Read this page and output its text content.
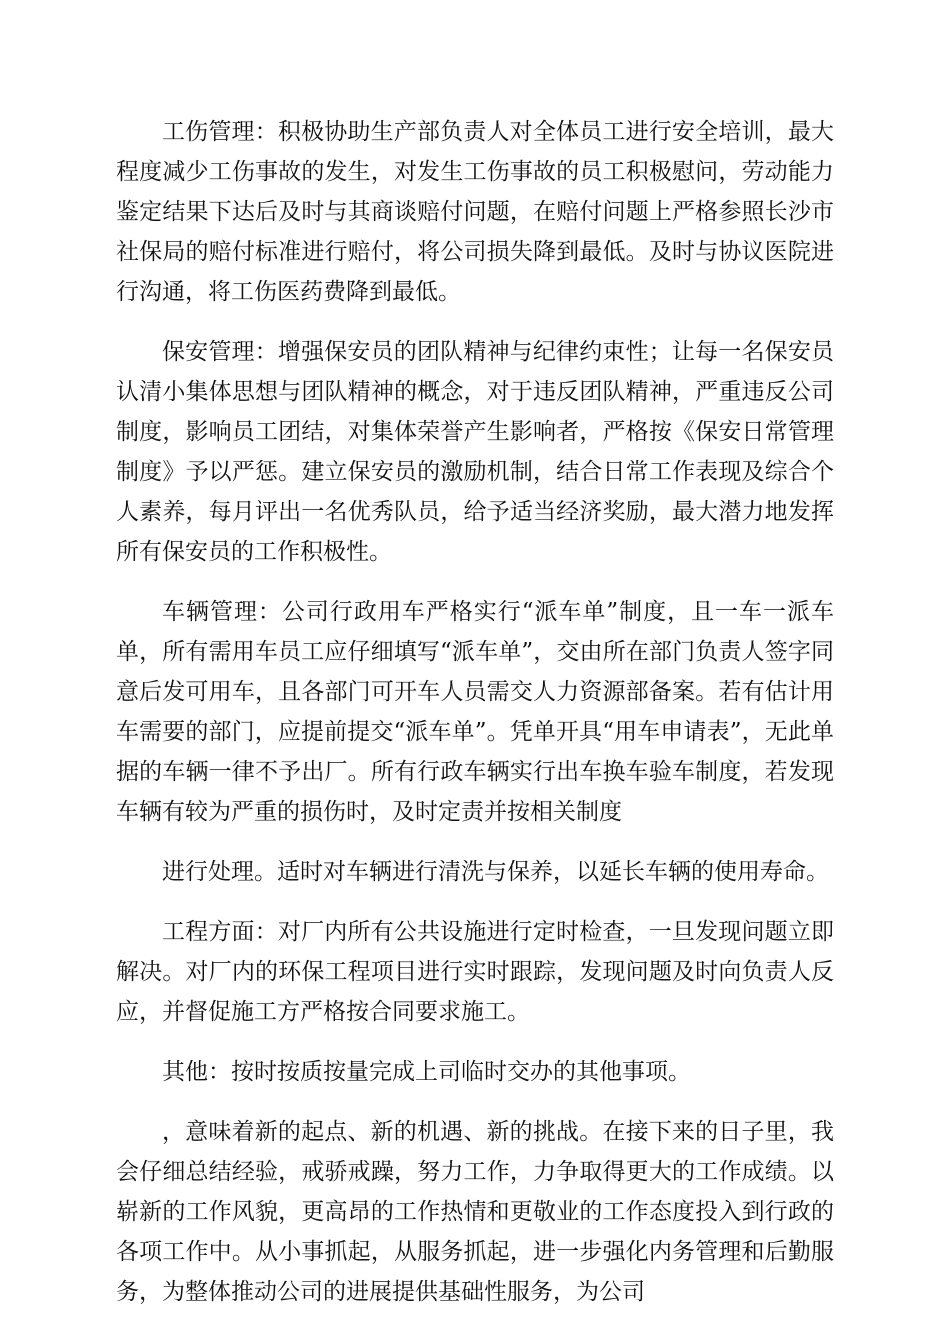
工伤管理：积极协助生产部负责人对全体员工进行安全培训，最大程度减少工伤事故的发生，对发生工伤事故的员工积极慰问，劳动能力鉴定结果下达后及时与其商谈赔付问题，在赔付问题上严格参照长沙市社保局的赔付标准进行赔付，将公司损失降到最低。及时与协议医院进行沟通，将工伤医药费降到最低。

保安管理：增强保安员的团队精神与纪律约束性；让每一名保安员认清小集体思想与团队精神的概念，对于违反团队精神，严重违反公司制度，影响员工团结，对集体荣誉产生影响者，严格按《保安日常管理制度》予以严惩。建立保安员的激励机制，结合日常工作表现及综合个人素养，每月评出一名优秀队员，给予适当经济奖励，最大潜力地发挥所有保安员的工作积极性。

车辆管理：公司行政用车严格实行“派车单”制度，且一车一派车单，所有需用车员工应仔细填写“派车单”，交由所在部门负责人签字同意后发可用车，且各部门可开车人员需交人力资源部备案。若有估计用车需要的部门，应提前提交“派车单”。凭单开具“用车申请表”，无此单据的车辆一律不予出厂。所有行政车辆实行出车换车验车制度，若发现车辆有较为严重的损伤时，及时定责并按相关制度

进行处理。适时对车辆进行清洗与保养，以延长车辆的使用寿命。

工程方面：对厂内所有公共设施进行定时检查，一旦发现问题立即解决。对厂内的环保工程项目进行实时跟踪，发现问题及时向负责人反应，并督促施工方严格按合同要求施工。

其他：按时按质按量完成上司临时交办的其他事项。

，意味着新的起点、新的机遇、新的挑战。在接下来的日子里，我会仔细总结经验，戒骄戒躁，努力工作，力争取得更大的工作成绩。以崭新的工作风貌，更高昂的工作热情和更敬业的工作态度投入到行政的各项工作中。从小事抓起，从服务抓起，进一步强化内务管理和后勤服务，为整体推动公司的进展提供基础性服务，为公司
